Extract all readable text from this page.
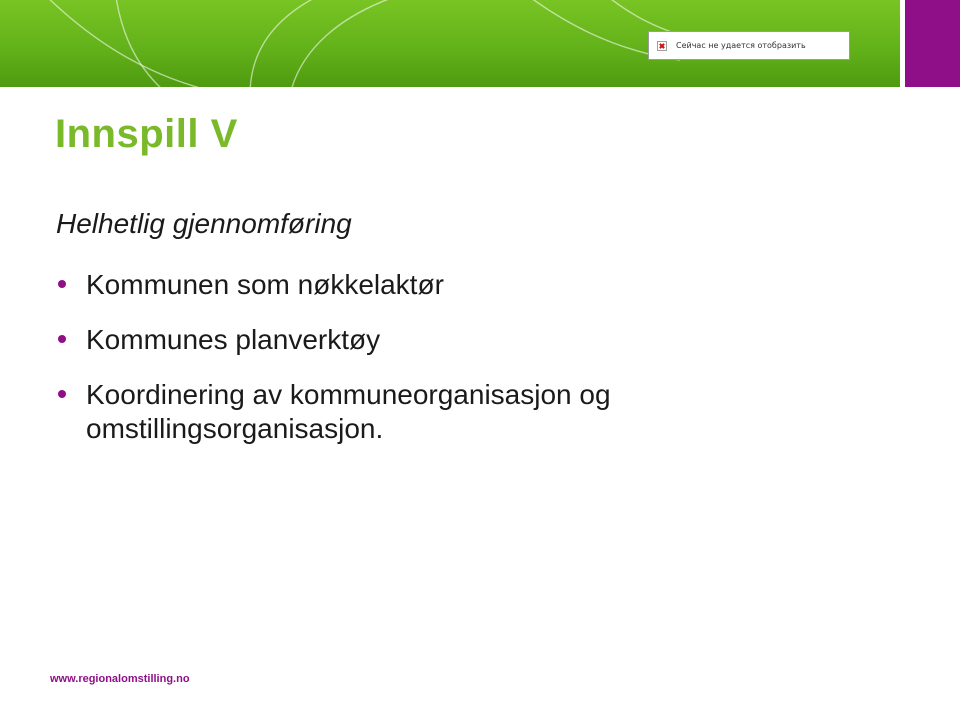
Сейчас не удается отобразить
Innspill V

Helhetlig gjennomføring

Kommunen som nøkkelaktør
Kommunes planverktøy
Koordinering av kommuneorganisasjon og omstillingsorganisasjon.
www.regionalomstilling.no
